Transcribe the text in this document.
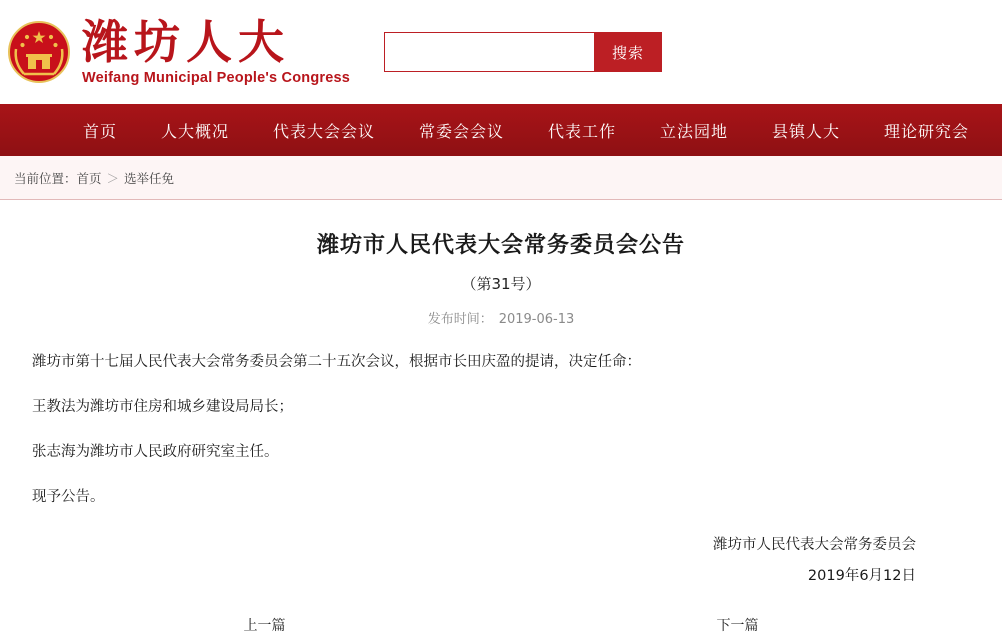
潍坊人大
Weifang Municipal People's Congress
搜索
首页	人大概况	代表大会会议	常委会会议	代表工作	立法园地	县镇人大	理论研究会
当前位置：首页 ＞ 选举任免
潍坊市人民代表大会常务委员会公告
（第31号）
发布时间： 2019-06-13

潍坊市第十七届人民代表大会常务委员会第二十五次会议，根据市长田庆盈的提请，决定任命：

王教法为潍坊市住房和城乡建设局局长；

张志海为潍坊市人民政府研究室主任。

现予公告。

潍坊市人民代表大会常务委员会
2019年6月12日
上一篇	下一篇
